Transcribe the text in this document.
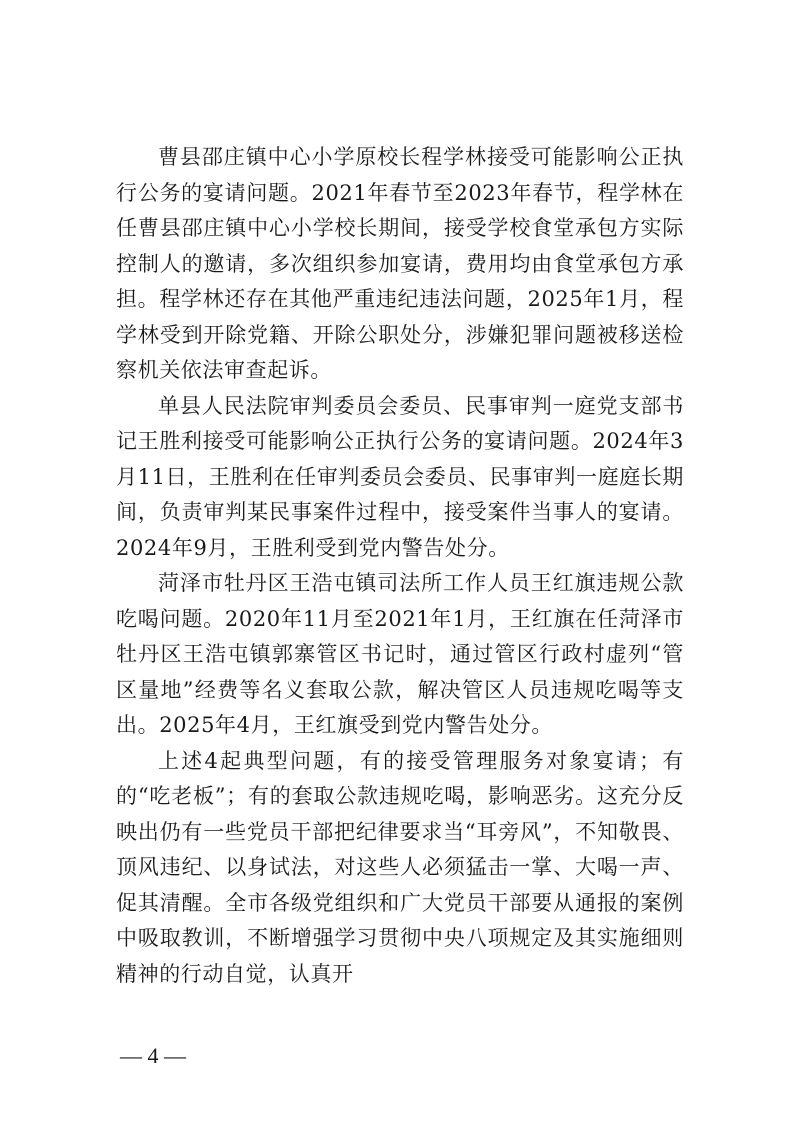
曹县邵庄镇中心小学原校长程学林接受可能影响公正执行公务的宴请问题。2021年春节至2023年春节，程学林在任曹县邵庄镇中心小学校长期间，接受学校食堂承包方实际控制人的邀请，多次组织参加宴请，费用均由食堂承包方承担。程学林还存在其他严重违纪违法问题，2025年1月，程学林受到开除党籍、开除公职处分，涉嫌犯罪问题被移送检察机关依法审查起诉。

单县人民法院审判委员会委员、民事审判一庭党支部书记王胜利接受可能影响公正执行公务的宴请问题。2024年3月11日，王胜利在任审判委员会委员、民事审判一庭庭长期间，负责审判某民事案件过程中，接受案件当事人的宴请。2024年9月，王胜利受到党内警告处分。

菏泽市牡丹区王浩屯镇司法所工作人员王红旗违规公款吃喝问题。2020年11月至2021年1月，王红旗在任菏泽市牡丹区王浩屯镇郭寨管区书记时，通过管区行政村虚列“管区量地”经费等名义套取公款，解决管区人员违规吃喝等支出。2025年4月，王红旗受到党内警告处分。

上述4起典型问题，有的接受管理服务对象宴请；有的“吃老板”；有的套取公款违规吃喝，影响恶劣。这充分反映出仍有一些党员干部把纪律要求当“耳旁风”，不知敬畏、顶风违纪、以身试法，对这些人必须猛击一掌、大喝一声、促其清醒。全市各级党组织和广大党员干部要从通报的案例中吸取教训，不断增强学习贯彻中央八项规定及其实施细则精神的行动自觉，认真开

— 4 —
